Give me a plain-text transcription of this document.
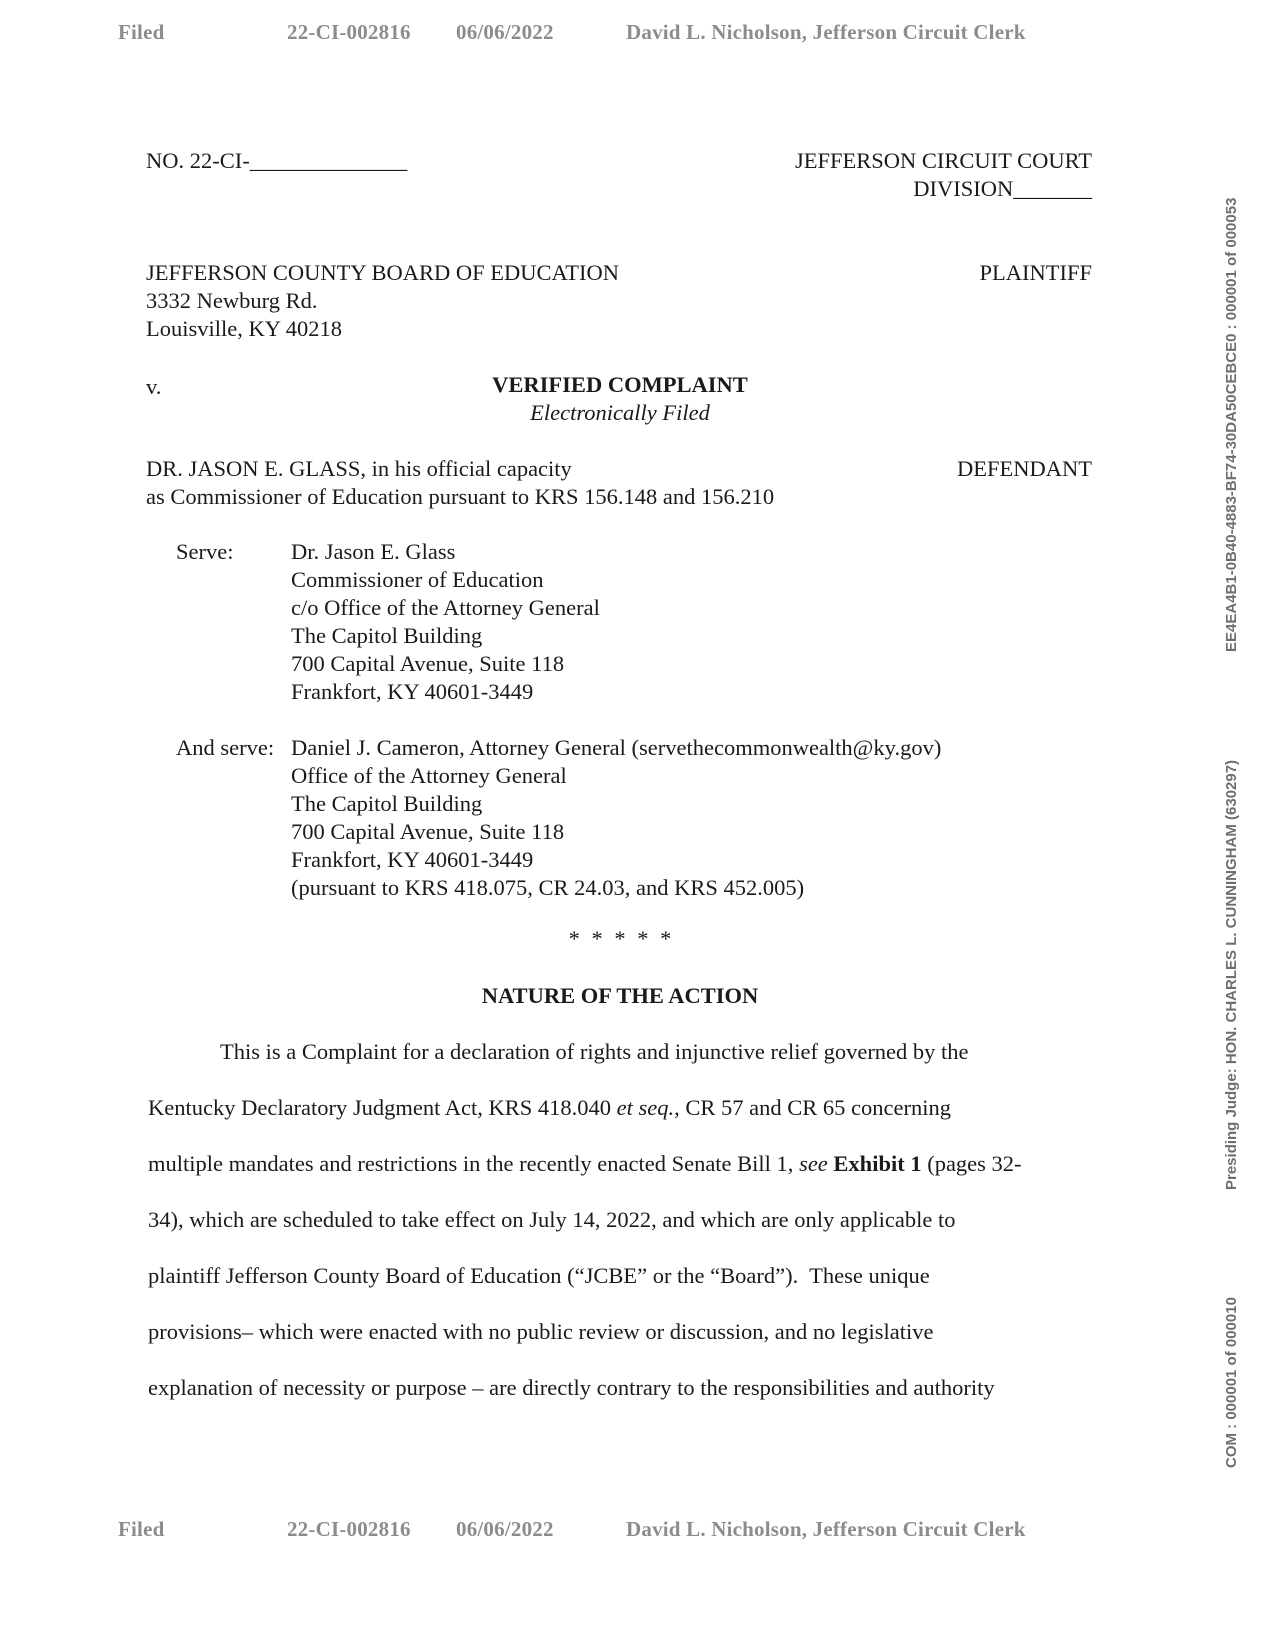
Filed	22-CI-002816 06/06/2022	David L. Nicholson, Jefferson Circuit Clerk
NO. 22-CI-______________	JEFFERSON CIRCUIT COURT
DIVISION_______
JEFFERSON COUNTY BOARD OF EDUCATION
3332 Newburg Rd.
Louisville, KY 40218
PLAINTIFF
v.	VERIFIED COMPLAINT
Electronically Filed
DR. JASON E. GLASS, in his official capacity
as Commissioner of Education pursuant to KRS 156.148 and 156.210
DEFENDANT
Serve:	Dr. Jason E. Glass
Commissioner of Education
c/o Office of the Attorney General
The Capitol Building
700 Capital Avenue, Suite 118
Frankfort, KY 40601-3449
And serve: Daniel J. Cameron, Attorney General (servethecommonwealth@ky.gov)
Office of the Attorney General
The Capitol Building
700 Capital Avenue, Suite 118
Frankfort, KY 40601-3449
(pursuant to KRS 418.075, CR 24.03, and KRS 452.005)
* * * * *
NATURE OF THE ACTION
This is a Complaint for a declaration of rights and injunctive relief governed by the
Kentucky Declaratory Judgment Act, KRS 418.040 et seq., CR 57 and CR 65 concerning
multiple mandates and restrictions in the recently enacted Senate Bill 1, see Exhibit 1 (pages 32-
34), which are scheduled to take effect on July 14, 2022, and which are only applicable to
plaintiff Jefferson County Board of Education (“JCBE” or the “Board”).  These unique
provisions– which were enacted with no public review or discussion, and no legislative
explanation of necessity or purpose – are directly contrary to the responsibilities and authority
Filed	22-CI-002816 06/06/2022	David L. Nicholson, Jefferson Circuit Clerk
EE4EA4B1-0B40-4883-BF74-30DA50CEBCE0 : 000001 of 000053
Presiding Judge: HON. CHARLES L. CUNNINGHAM (630297)
COM : 000001 of 000010
